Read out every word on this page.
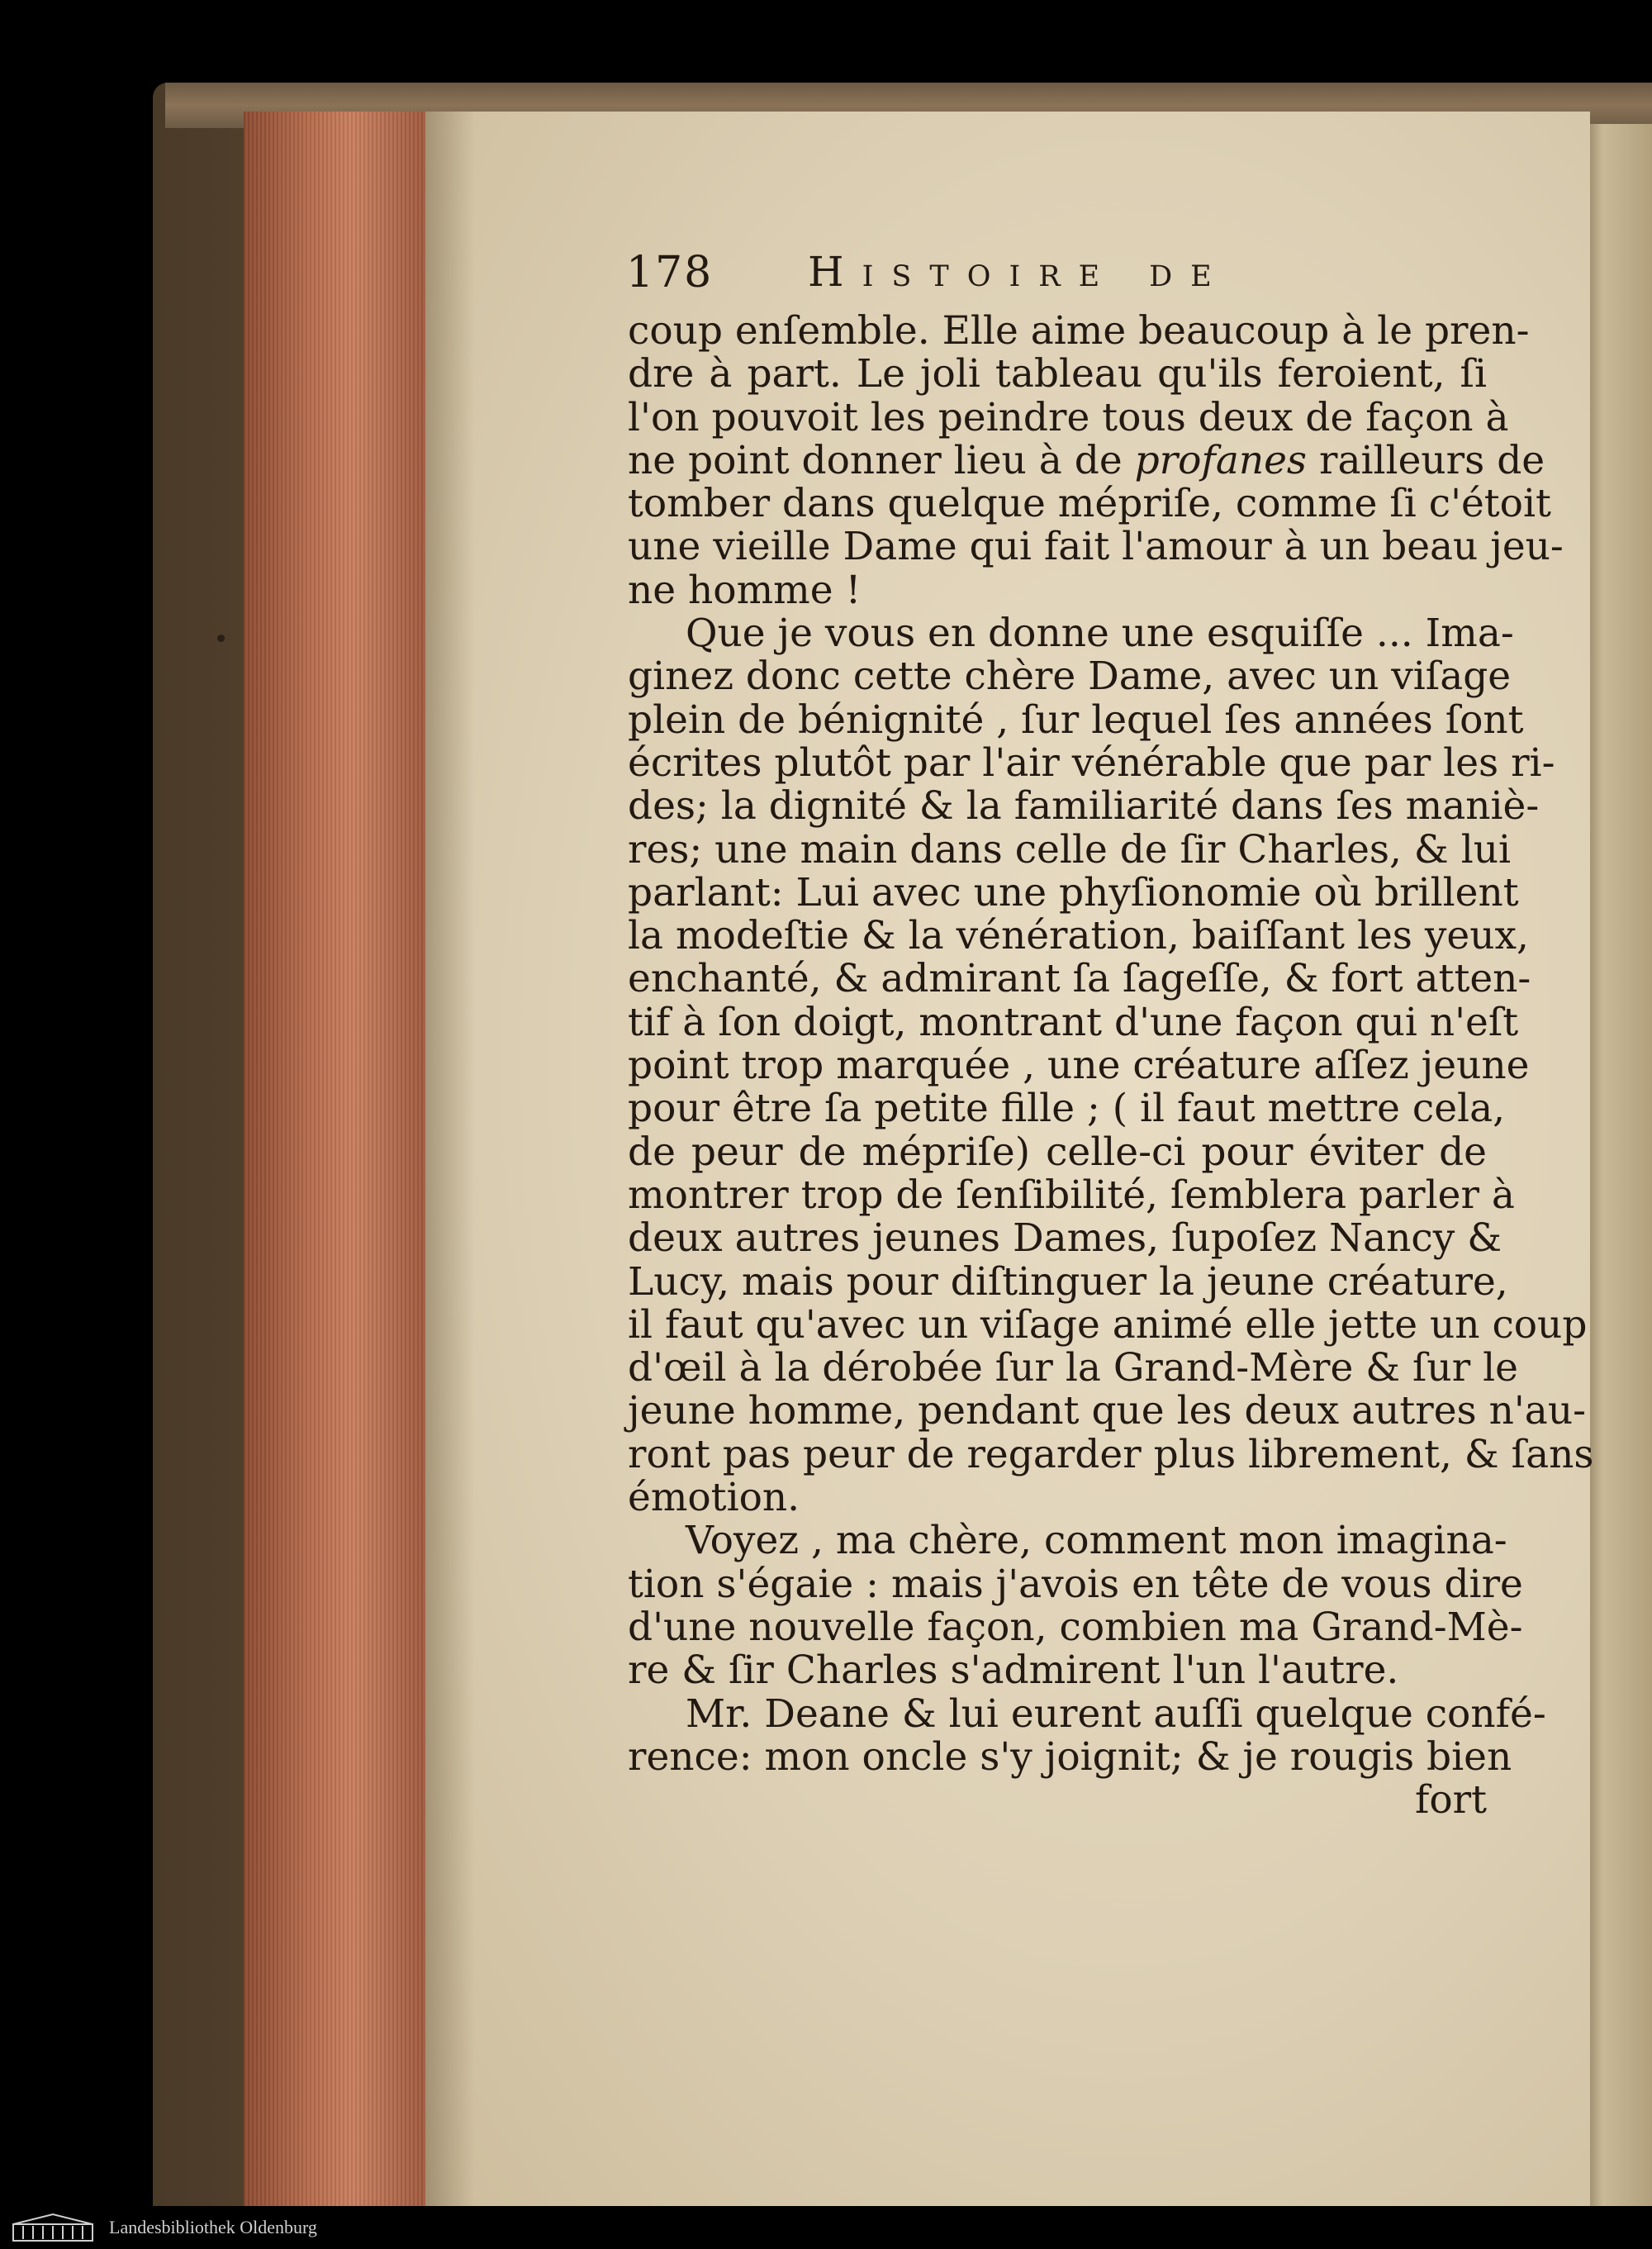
178 Histoire de
coup enſemble. Elle aime beaucoup à le pren-
dre à part. Le joli tableau qu'ils feroient, ſi
l'on pouvoit les peindre tous deux de façon à
ne point donner lieu à de profanes railleurs de
tomber dans quelque mépriſe, comme ſi c'étoit
une vieille Dame qui fait l'amour à un beau jeu-
ne homme !
Que je vous en donne une esquiſſe ... Ima-
ginez donc cette chère Dame, avec un viſage
plein de bénignité , ſur lequel ſes années ſont
écrites plutôt par l'air vénérable que par les ri-
des; la dignité & la familiarité dans ſes maniè-
res; une main dans celle de ſir Charles, & lui
parlant: Lui avec une phyſionomie où brillent
la modeſtie & la vénération, baiſſant les yeux,
enchanté, & admirant ſa ſageſſe, & fort atten-
tif à ſon doigt, montrant d'une façon qui n'eſt
point trop marquée , une créature aſſez jeune
pour être ſa petite fille ; ( il faut mettre cela,
de peur de mépriſe) celle-ci pour éviter de
montrer trop de ſenſibilité, ſemblera parler à
deux autres jeunes Dames, ſupoſez Nancy &
Lucy, mais pour diſtinguer la jeune créature,
il faut qu'avec un viſage animé elle jette un coup
d'œil à la dérobée ſur la Grand-Mère & ſur le
jeune homme, pendant que les deux autres n'au-
ront pas peur de regarder plus librement, & ſans
émotion.
Voyez , ma chère, comment mon imagina-
tion s'égaie : mais j'avois en tête de vous dire
d'une nouvelle façon, combien ma Grand-Mè-
re & ſir Charles s'admirent l'un l'autre.
Mr. Deane & lui eurent auſſi quelque confé-
rence: mon oncle s'y joignit; & je rougis bien
fort
Landesbibliothek Oldenburg
